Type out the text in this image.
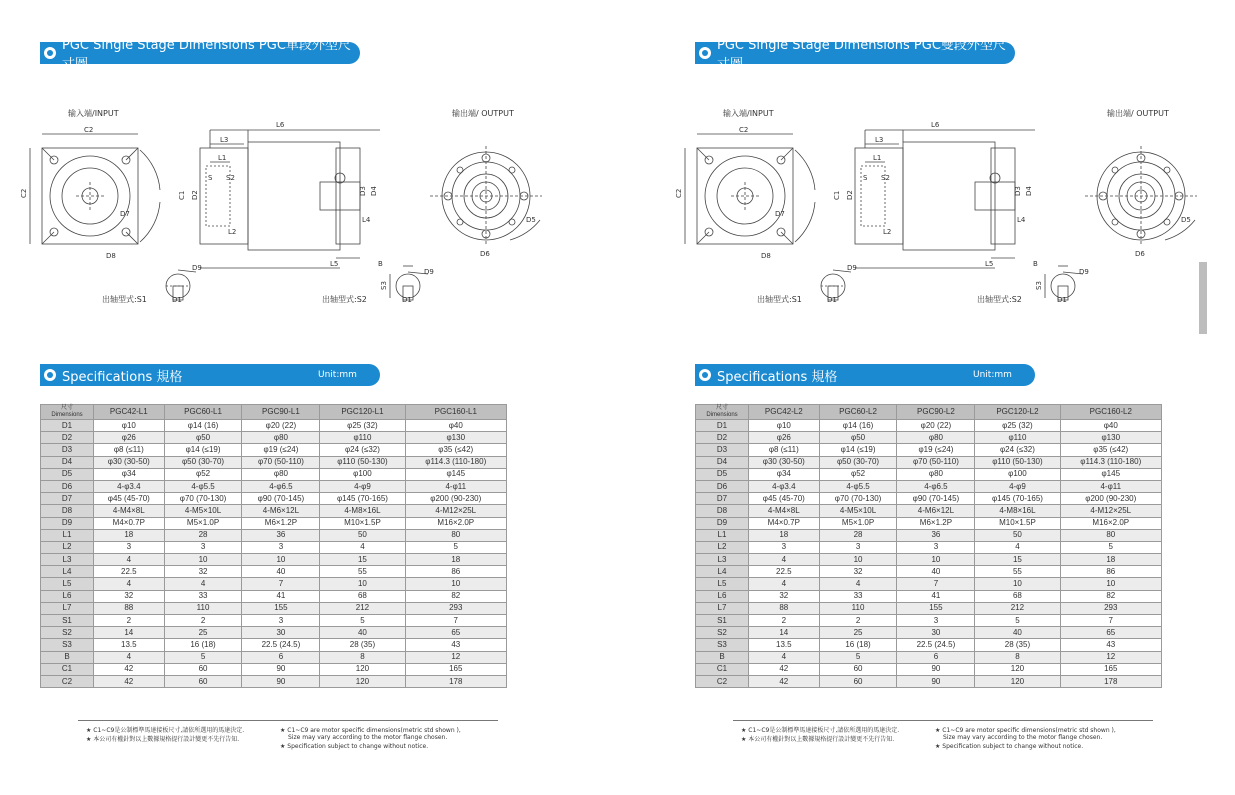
PGC Single Stage Dimensions PGC單段外型尺寸圖
输入端/INPUT	输出端/ OUTPUT
C2
C2
D8
D7
L6
L3
L1
S2
S
L2
L5
L4
C1 D2	D3 D4
D6
D5
D9
D1
出轴型式:S1
B
D9
S3
D1
出轴型式:S2
Specifications 規格	Unit:mm
尺寸
Dimensions	PGC42-L1	PGC60-L1	PGC90-L1	PGC120-L1	PGC160-L1
D1	φ10	φ14 (16)	φ20 (22)	φ25 (32)	φ40
D2	φ26	φ50	φ80	φ110	φ130
D3	φ8 (≤11)	φ14 (≤19)	φ19 (≤24)	φ24 (≤32)	φ35 (≤42)
D4	φ30 (30-50)	φ50 (30-70)	φ70 (50-110)	φ110 (50-130)	φ114.3 (110-180)
D5	φ34	φ52	φ80	φ100	φ145
D6	4-φ3.4	4-φ5.5	4-φ6.5	4-φ9	4-φ11
D7	φ45 (45-70)	φ70 (70-130)	φ90 (70-145)	φ145 (70-165)	φ200 (90-230)
D8	4-M4×8L	4-M5×10L	4-M6×12L	4-M8×16L	4-M12×25L
D9	M4×0.7P	M5×1.0P	M6×1.2P	M10×1.5P	M16×2.0P
L1	18	28	36	50	80
L2	3	3	3	4	5
L3	4	10	10	15	18
L4	22.5	32	40	55	86
L5	4	4	7	10	10
L6	32	33	41	68	82
L7	88	110	155	212	293
S1	2	2	3	5	7
S2	14	25	30	40	65
S3	13.5	16 (18)	22.5 (24.5)	28 (35)	43
B	4	5	6	8	12
C1	42	60	90	120	165
C2	42	60	90	120	178

★ C1~C9是公制標準馬達接板尺寸,請依所選用的馬達決定.

★ 本公司有權針對以上數據規格提行設計變更不先行告知.

★ C1~C9 are motor specific dimensions(metric std shown ),
Size may vary according to the motor flange chosen.

★ Specification subject to change without notice.

PGC Single Stage Dimensions PGC雙段外型尺寸圖
输入端/INPUT	输出端/ OUTPUT
C2
C2
D8
D7
L6
L3
L1
S2
S
L2
L5
L4
C1 D2	D3 D4
D6
D5
D9
D1
出轴型式:S1
B
D9
S3
D1
出轴型式:S2
Specifications 規格	Unit:mm
尺寸
Dimensions	PGC42-L2	PGC60-L2	PGC90-L2	PGC120-L2	PGC160-L2
D1	φ10	φ14 (16)	φ20 (22)	φ25 (32)	φ40
D2	φ26	φ50	φ80	φ110	φ130
D3	φ8 (≤11)	φ14 (≤19)	φ19 (≤24)	φ24 (≤32)	φ35 (≤42)
D4	φ30 (30-50)	φ50 (30-70)	φ70 (50-110)	φ110 (50-130)	φ114.3 (110-180)
D5	φ34	φ52	φ80	φ100	φ145
D6	4-φ3.4	4-φ5.5	4-φ6.5	4-φ9	4-φ11
D7	φ45 (45-70)	φ70 (70-130)	φ90 (70-145)	φ145 (70-165)	φ200 (90-230)
D8	4-M4×8L	4-M5×10L	4-M6×12L	4-M8×16L	4-M12×25L
D9	M4×0.7P	M5×1.0P	M6×1.2P	M10×1.5P	M16×2.0P
L1	18	28	36	50	80
L2	3	3	3	4	5
L3	4	10	10	15	18
L4	22.5	32	40	55	86
L5	4	4	7	10	10
L6	32	33	41	68	82
L7	88	110	155	212	293
S1	2	2	3	5	7
S2	14	25	30	40	65
S3	13.5	16 (18)	22.5 (24.5)	28 (35)	43
B	4	5	6	8	12
C1	42	60	90	120	165
C2	42	60	90	120	178

★ C1~C9是公制標準馬達接板尺寸,請依所選用的馬達決定.

★ 本公司有權針對以上數據規格提行設計變更不先行告知.

★ C1~C9 are motor specific dimensions(metric std shown ),
Size may vary according to the motor flange chosen.

★ Specification subject to change without notice.
